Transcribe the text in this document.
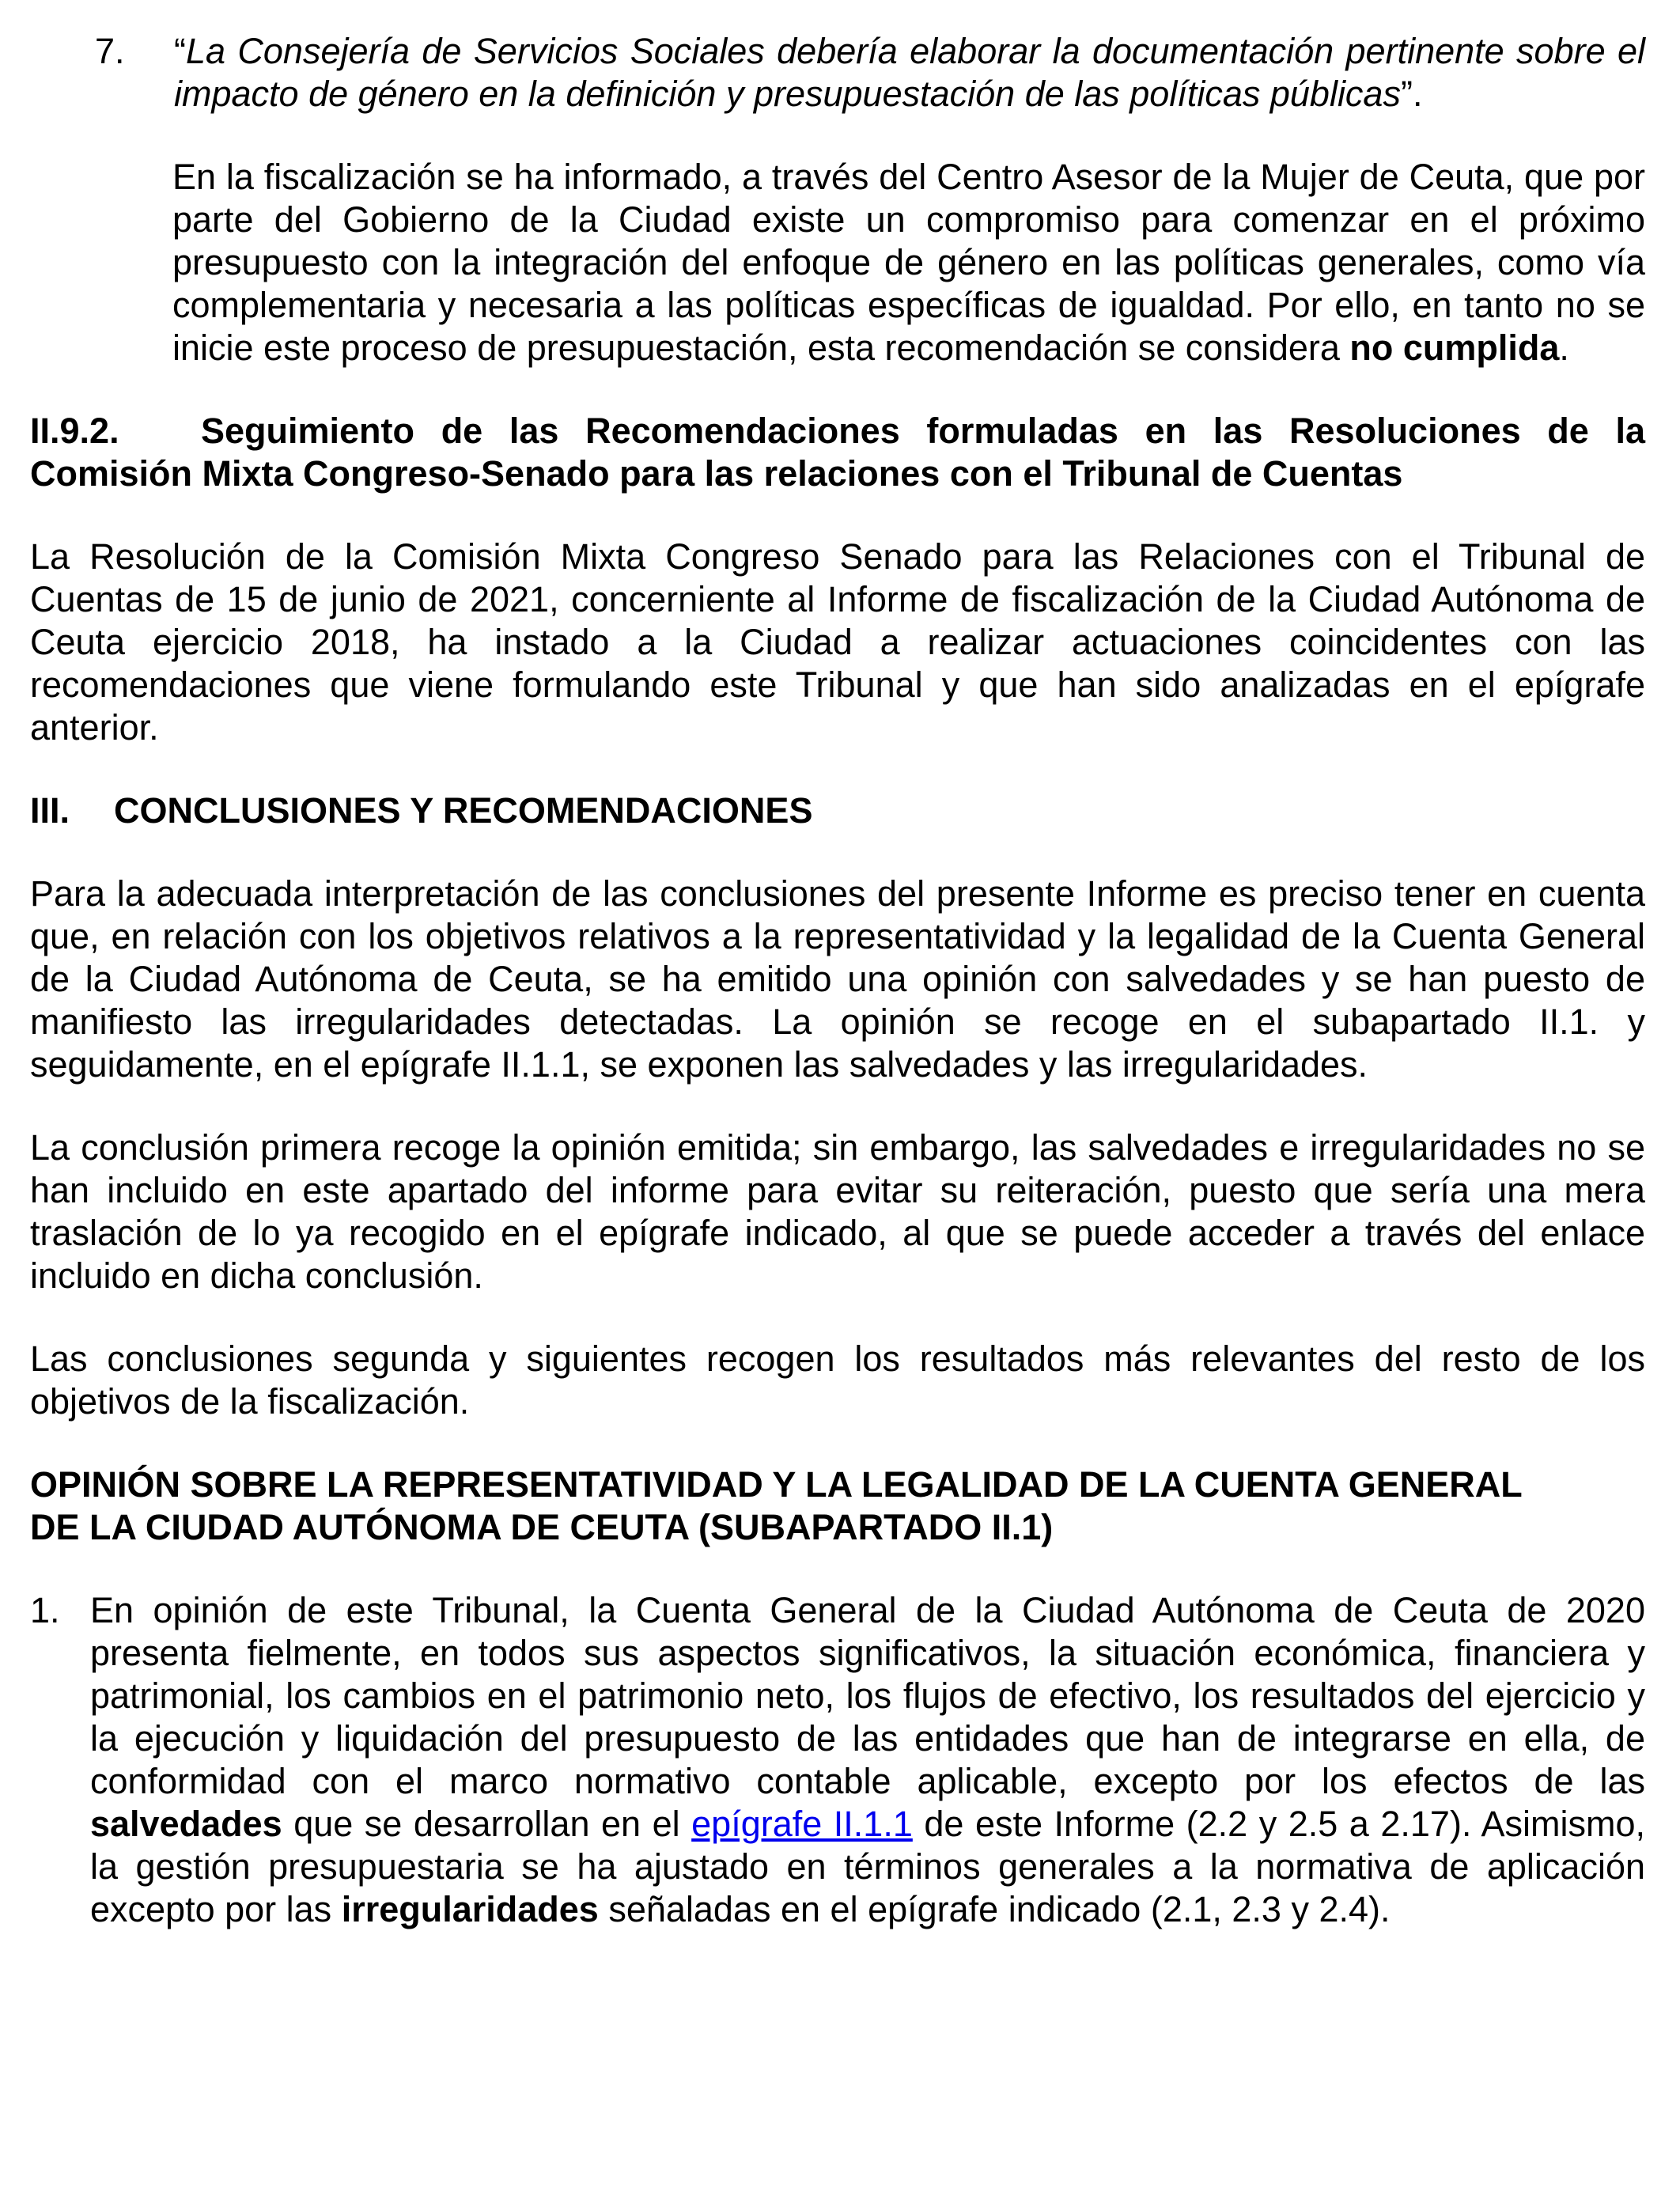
7.	“La Consejería de Servicios Sociales debería elaborar la documentación pertinente sobre el impacto de género en la definición y presupuestación de las políticas públicas”.

En la fiscalización se ha informado, a través del Centro Asesor de la Mujer de Ceuta, que por parte del Gobierno de la Ciudad existe un compromiso para comenzar en el próximo presupuesto con la integración del enfoque de género en las políticas generales, como vía complementaria y necesaria a las políticas específicas de igualdad. Por ello, en tanto no se inicie este proceso de presupuestación, esta recomendación se considera no cumplida.

II.9.2.	Seguimiento de las Recomendaciones formuladas en las Resoluciones de la
Comisión Mixta Congreso-Senado para las relaciones con el Tribunal de Cuentas

La Resolución de la Comisión Mixta Congreso Senado para las Relaciones con el Tribunal de Cuentas de 15 de junio de 2021, concerniente al Informe de fiscalización de la Ciudad Autónoma de Ceuta ejercicio 2018, ha instado a la Ciudad a realizar actuaciones coincidentes con las recomendaciones que viene formulando este Tribunal y que han sido analizadas en el epígrafe anterior.

III.	CONCLUSIONES Y RECOMENDACIONES

Para la adecuada interpretación de las conclusiones del presente Informe es preciso tener en cuenta que, en relación con los objetivos relativos a la representatividad y la legalidad de la Cuenta General de la Ciudad Autónoma de Ceuta, se ha emitido una opinión con salvedades y se han puesto de manifiesto las irregularidades detectadas. La opinión se recoge en el subapartado II.1. y seguidamente, en el epígrafe II.1.1, se exponen las salvedades y las irregularidades.

La conclusión primera recoge la opinión emitida; sin embargo, las salvedades e irregularidades no se han incluido en este apartado del informe para evitar su reiteración, puesto que sería una mera traslación de lo ya recogido en el epígrafe indicado, al que se puede acceder a través del enlace incluido en dicha conclusión.

Las conclusiones segunda y siguientes recogen los resultados más relevantes del resto de los objetivos de la fiscalización.

OPINIÓN SOBRE LA REPRESENTATIVIDAD Y LA LEGALIDAD DE LA CUENTA GENERAL
DE LA CIUDAD AUTÓNOMA DE CEUTA (SUBAPARTADO II.1)
1. En opinión de este Tribunal, la Cuenta General de la Ciudad Autónoma de Ceuta de 2020 presenta fielmente, en todos sus aspectos significativos, la situación económica, financiera y patrimonial, los cambios en el patrimonio neto, los flujos de efectivo, los resultados del ejercicio y la ejecución y liquidación del presupuesto de las entidades que han de integrarse en ella, de conformidad con el marco normativo contable aplicable, excepto por los efectos de las salvedades que se desarrollan en el epígrafe II.1.1 de este Informe (2.2 y 2.5 a 2.17). Asimismo, la gestión presupuestaria se ha ajustado en términos generales a la normativa de aplicación excepto por las irregularidades señaladas en el epígrafe indicado (2.1, 2.3 y 2.4).
